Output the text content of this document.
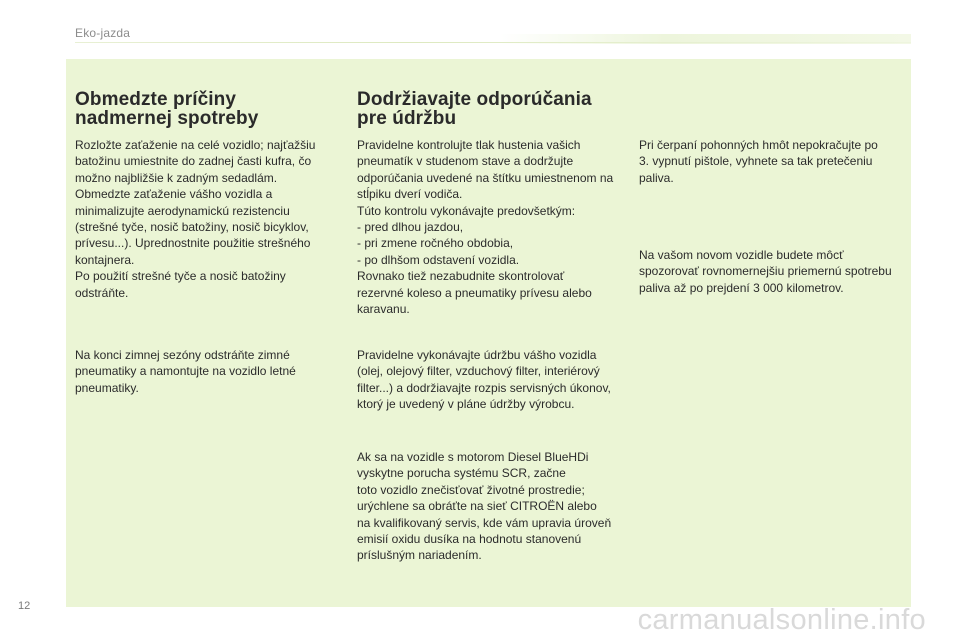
Eko-jazda
Obmedzte príčiny
nadmernej spotreby
Rozložte zaťaženie na celé vozidlo; najťažšiu
batožinu umiestnite do zadnej časti kufra, čo
možno najbližšie k zadným sedadlám.
Obmedzte zaťaženie vášho vozidla a
minimalizujte aerodynamickú rezistenciu
(strešné tyče, nosič batožiny, nosič bicyklov,
prívesu...). Uprednostnite použitie strešného
kontajnera.
Po použití strešné tyče a nosič batožiny
odstráňte.
Na konci zimnej sezóny odstráňte zimné
pneumatiky a namontujte na vozidlo letné
pneumatiky.
Dodržiavajte odporúčania
pre údržbu
Pravidelne kontrolujte tlak hustenia vašich
pneumatík v studenom stave a dodržujte
odporúčania uvedené na štítku umiestnenom na
stĺpiku dverí vodiča.
Túto kontrolu vykonávajte predovšetkým:
- pred dlhou jazdou,
- pri zmene ročného obdobia,
- po dlhšom odstavení vozidla.
Rovnako tiež nezabudnite skontrolovať
rezervné koleso a pneumatiky prívesu alebo
karavanu.
Pravidelne vykonávajte údržbu vášho vozidla
(olej, olejový filter, vzduchový filter, interiérový
filter...) a dodržiavajte rozpis servisných úkonov,
ktorý je uvedený v pláne údržby výrobcu.
Ak sa na vozidle s motorom Diesel BlueHDi
vyskytne porucha systému SCR, začne
toto vozidlo znečisťovať životné prostredie;
urýchlene sa obráťte na sieť CITROËN alebo
na kvalifikovaný servis, kde vám upravia úroveň
emisií oxidu dusíka na hodnotu stanovenú
príslušným nariadením.
Pri čerpaní pohonných hmôt nepokračujte po
3. vypnutí pištole, vyhnete sa tak pretečeniu
paliva.
Na vašom novom vozidle budete môcť
spozorovať rovnomernejšiu priemernú spotrebu
paliva až po prejdení 3 000 kilometrov.
12	carmanualsonline.info
